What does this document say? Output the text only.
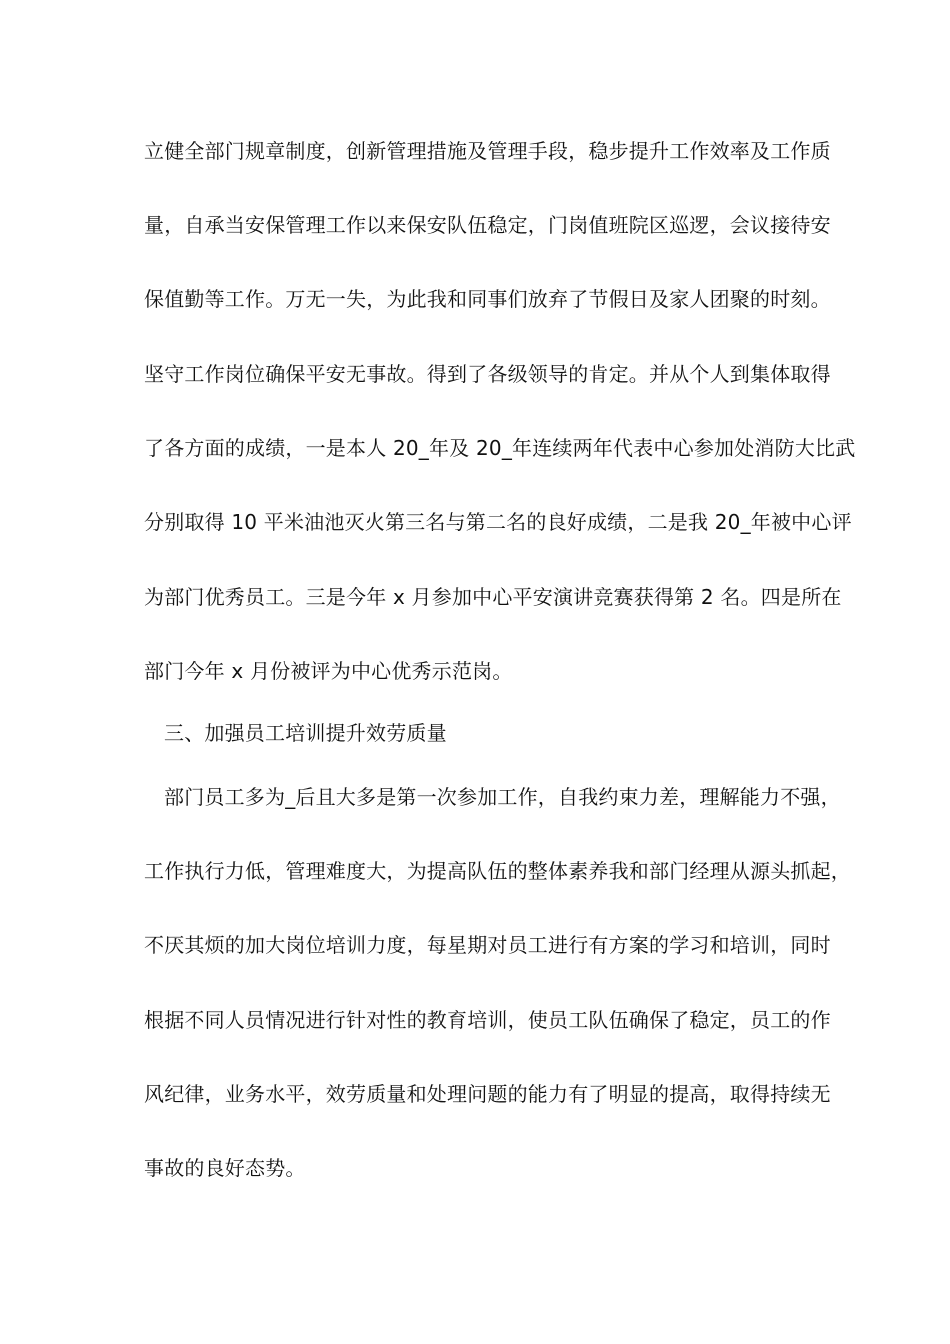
立健全部门规章制度，创新管理措施及管理手段，稳步提升工作效率及工作质
量，自承当安保管理工作以来保安队伍稳定，门岗值班院区巡逻，会议接待安
保值勤等工作。万无一失，为此我和同事们放弃了节假日及家人团聚的时刻。
坚守工作岗位确保平安无事故。得到了各级领导的肯定。并从个人到集体取得
了各方面的成绩，一是本人 20_年及 20_年连续两年代表中心参加处消防大比武
分别取得 10 平米油池灭火第三名与第二名的良好成绩，二是我 20_年被中心评
为部门优秀员工。三是今年 x 月参加中心平安演讲竞赛获得第 2 名。四是所在
部门今年 x 月份被评为中心优秀示范岗。
三、加强员工培训提升效劳质量
部门员工多为_后且大多是第一次参加工作，自我约束力差，理解能力不强，
工作执行力低，管理难度大，为提高队伍的整体素养我和部门经理从源头抓起，
不厌其烦的加大岗位培训力度，每星期对员工进行有方案的学习和培训，同时
根据不同人员情况进行针对性的教育培训，使员工队伍确保了稳定，员工的作
风纪律，业务水平，效劳质量和处理问题的能力有了明显的提高，取得持续无
事故的良好态势。
